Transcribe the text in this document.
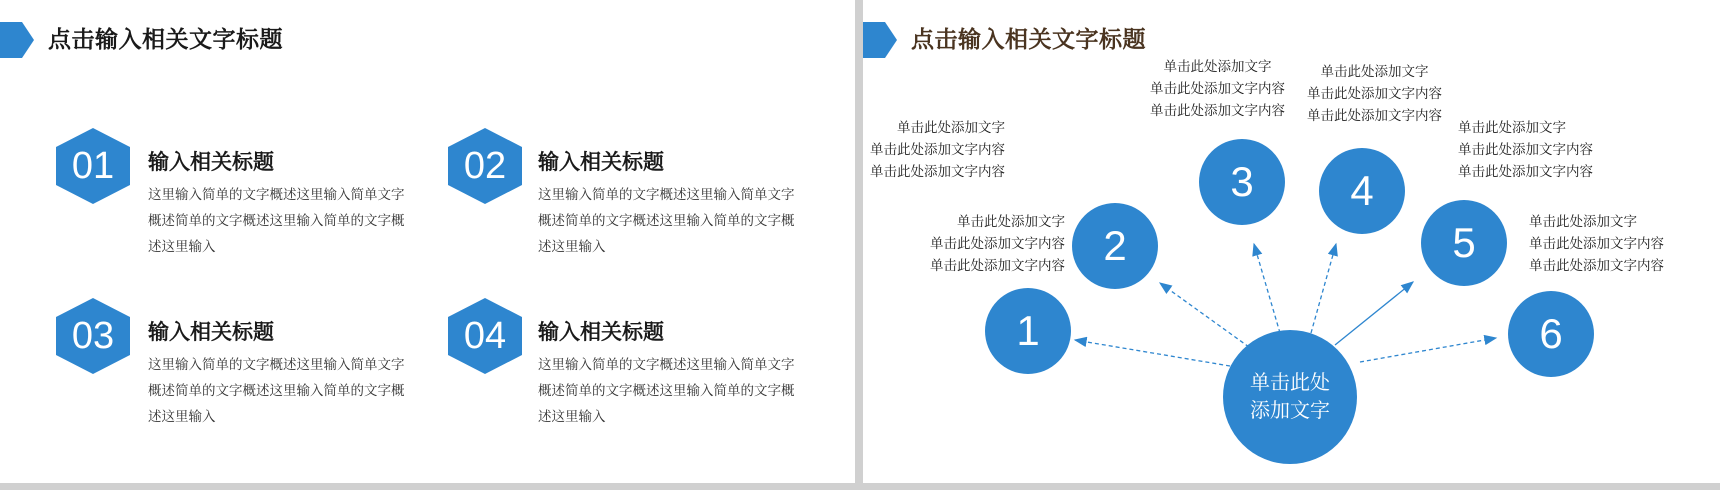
点击输入相关文字标题
01	输入相关标题
这里输入简单的文字概述这里输入简单文字概述简单的文字概述这里输入简单的文字概述这里输入
02	输入相关标题
这里输入简单的文字概述这里输入简单文字概述简单的文字概述这里输入简单的文字概述这里输入
03	输入相关标题
这里输入简单的文字概述这里输入简单文字概述简单的文字概述这里输入简单的文字概述这里输入
04	输入相关标题
这里输入简单的文字概述这里输入简单文字概述简单的文字概述这里输入简单的文字概述这里输入
点击输入相关文字标题
单击此处
添加文字
1
2
3	4
5
6
单击此处添加文字
单击此处添加文字内容
单击此处添加文字内容
单击此处添加文字
单击此处添加文字内容
单击此处添加文字内容
单击此处添加文字
单击此处添加文字内容
单击此处添加文字内容
单击此处添加文字
单击此处添加文字内容
单击此处添加文字内容
单击此处添加文字
单击此处添加文字内容
单击此处添加文字内容
单击此处添加文字
单击此处添加文字内容
单击此处添加文字内容
